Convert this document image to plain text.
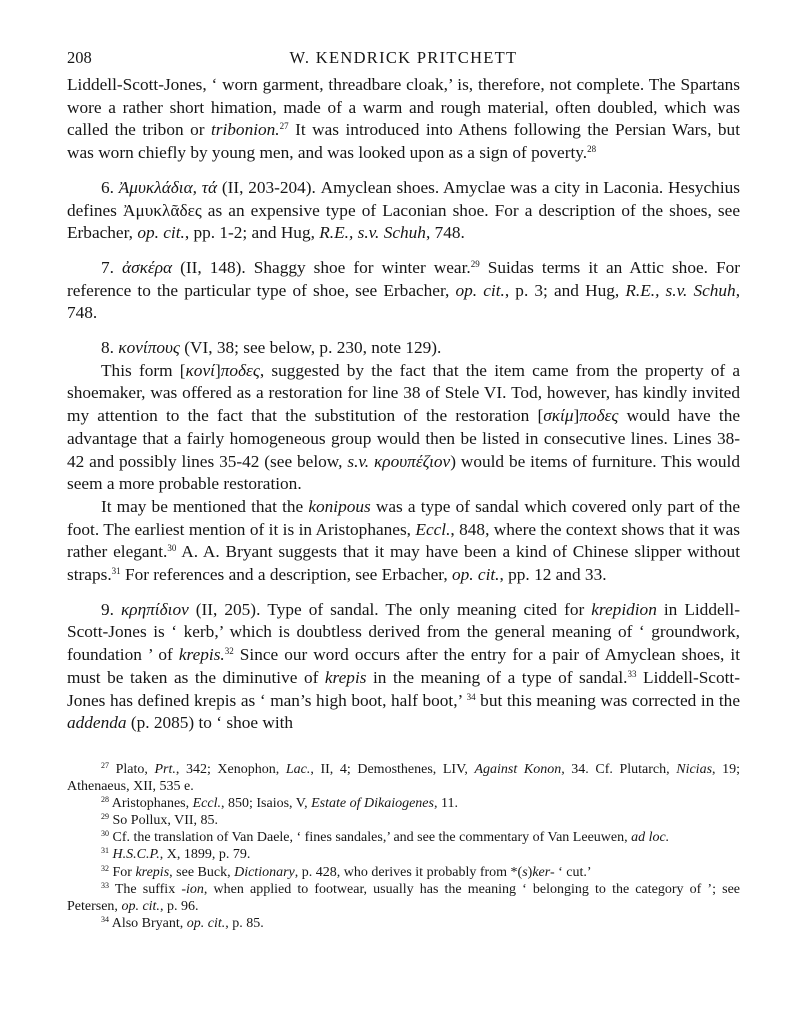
208	W. KENDRICK PRITCHETT

Liddell-Scott-Jones, ‘ worn garment, threadbare cloak,’ is, therefore, not complete. The Spartans wore a rather short himation, made of a warm and rough material, often doubled, which was called the tribon or tribonion.$^{27}$ It was introduced into Athens following the Persian Wars, but was worn chiefly by young men, and was looked upon as a sign of poverty.$^{28}$

6. Ἀμυκλάδια, τά (II, 203-204). Amyclean shoes. Amyclae was a city in Laconia. Hesychius defines Ἀμυκλᾶδες as an expensive type of Laconian shoe. For a description of the shoes, see Erbacher, op. cit., pp. 1-2; and Hug, R.E., s.v. Schuh, 748.

7. ἀσκέρα (II, 148). Shaggy shoe for winter wear.$^{29}$ Suidas terms it an Attic shoe. For reference to the particular type of shoe, see Erbacher, op. cit., p. 3; and Hug, R.E., s.v. Schuh, 748.

8. κονίπους (VI, 38; see below, p. 230, note 129).

This form [κονί]ποδες, suggested by the fact that the item came from the property of a shoemaker, was offered as a restoration for line 38 of Stele VI. Tod, however, has kindly invited my attention to the fact that the substitution of the restoration [σκίμ]ποδες would have the advantage that a fairly homogeneous group would then be listed in consecutive lines. Lines 38-42 and possibly lines 35-42 (see below, s.v. κρουπέζιον) would be items of furniture. This would seem a more probable restoration.

It may be mentioned that the konipous was a type of sandal which covered only part of the foot. The earliest mention of it is in Aristophanes, Eccl., 848, where the context shows that it was rather elegant.$^{30}$ A. A. Bryant suggests that it may have been a kind of Chinese slipper without straps.$^{31}$ For references and a description, see Erbacher, op. cit., pp. 12 and 33.

9. κρηπίδιον (II, 205). Type of sandal. The only meaning cited for krepidion in Liddell-Scott-Jones is ‘ kerb,’ which is doubtless derived from the general meaning of ‘ groundwork, foundation ’ of krepis.$^{32}$ Since our word occurs after the entry for a pair of Amyclean shoes, it must be taken as the diminutive of krepis in the meaning of a type of sandal.$^{33}$ Liddell-Scott-Jones has defined krepis as ‘ man’s high boot, half boot,’ $^{34}$ but this meaning was corrected in the addenda (p. 2085) to ‘ shoe with

$^{27}$ Plato, Prt., 342; Xenophon, Lac., II, 4; Demosthenes, LIV, Against Konon, 34. Cf. Plutarch, Nicias, 19; Athenaeus, XII, 535 e.

$^{28}$ Aristophanes, Eccl., 850; Isaios, V, Estate of Dikaiogenes, 11.

$^{29}$ So Pollux, VII, 85.

$^{30}$ Cf. the translation of Van Daele, ‘ fines sandales,’ and see the commentary of Van Leeuwen, ad loc.

$^{31}$ H.S.C.P., X, 1899, p. 79.

$^{32}$ For krepis, see Buck, Dictionary, p. 428, who derives it probably from *(s)ker- ‘ cut.’

$^{33}$ The suffix -ion, when applied to footwear, usually has the meaning ‘ belonging to the category of ’; see Petersen, op. cit., p. 96.

$^{34}$ Also Bryant, op. cit., p. 85.
